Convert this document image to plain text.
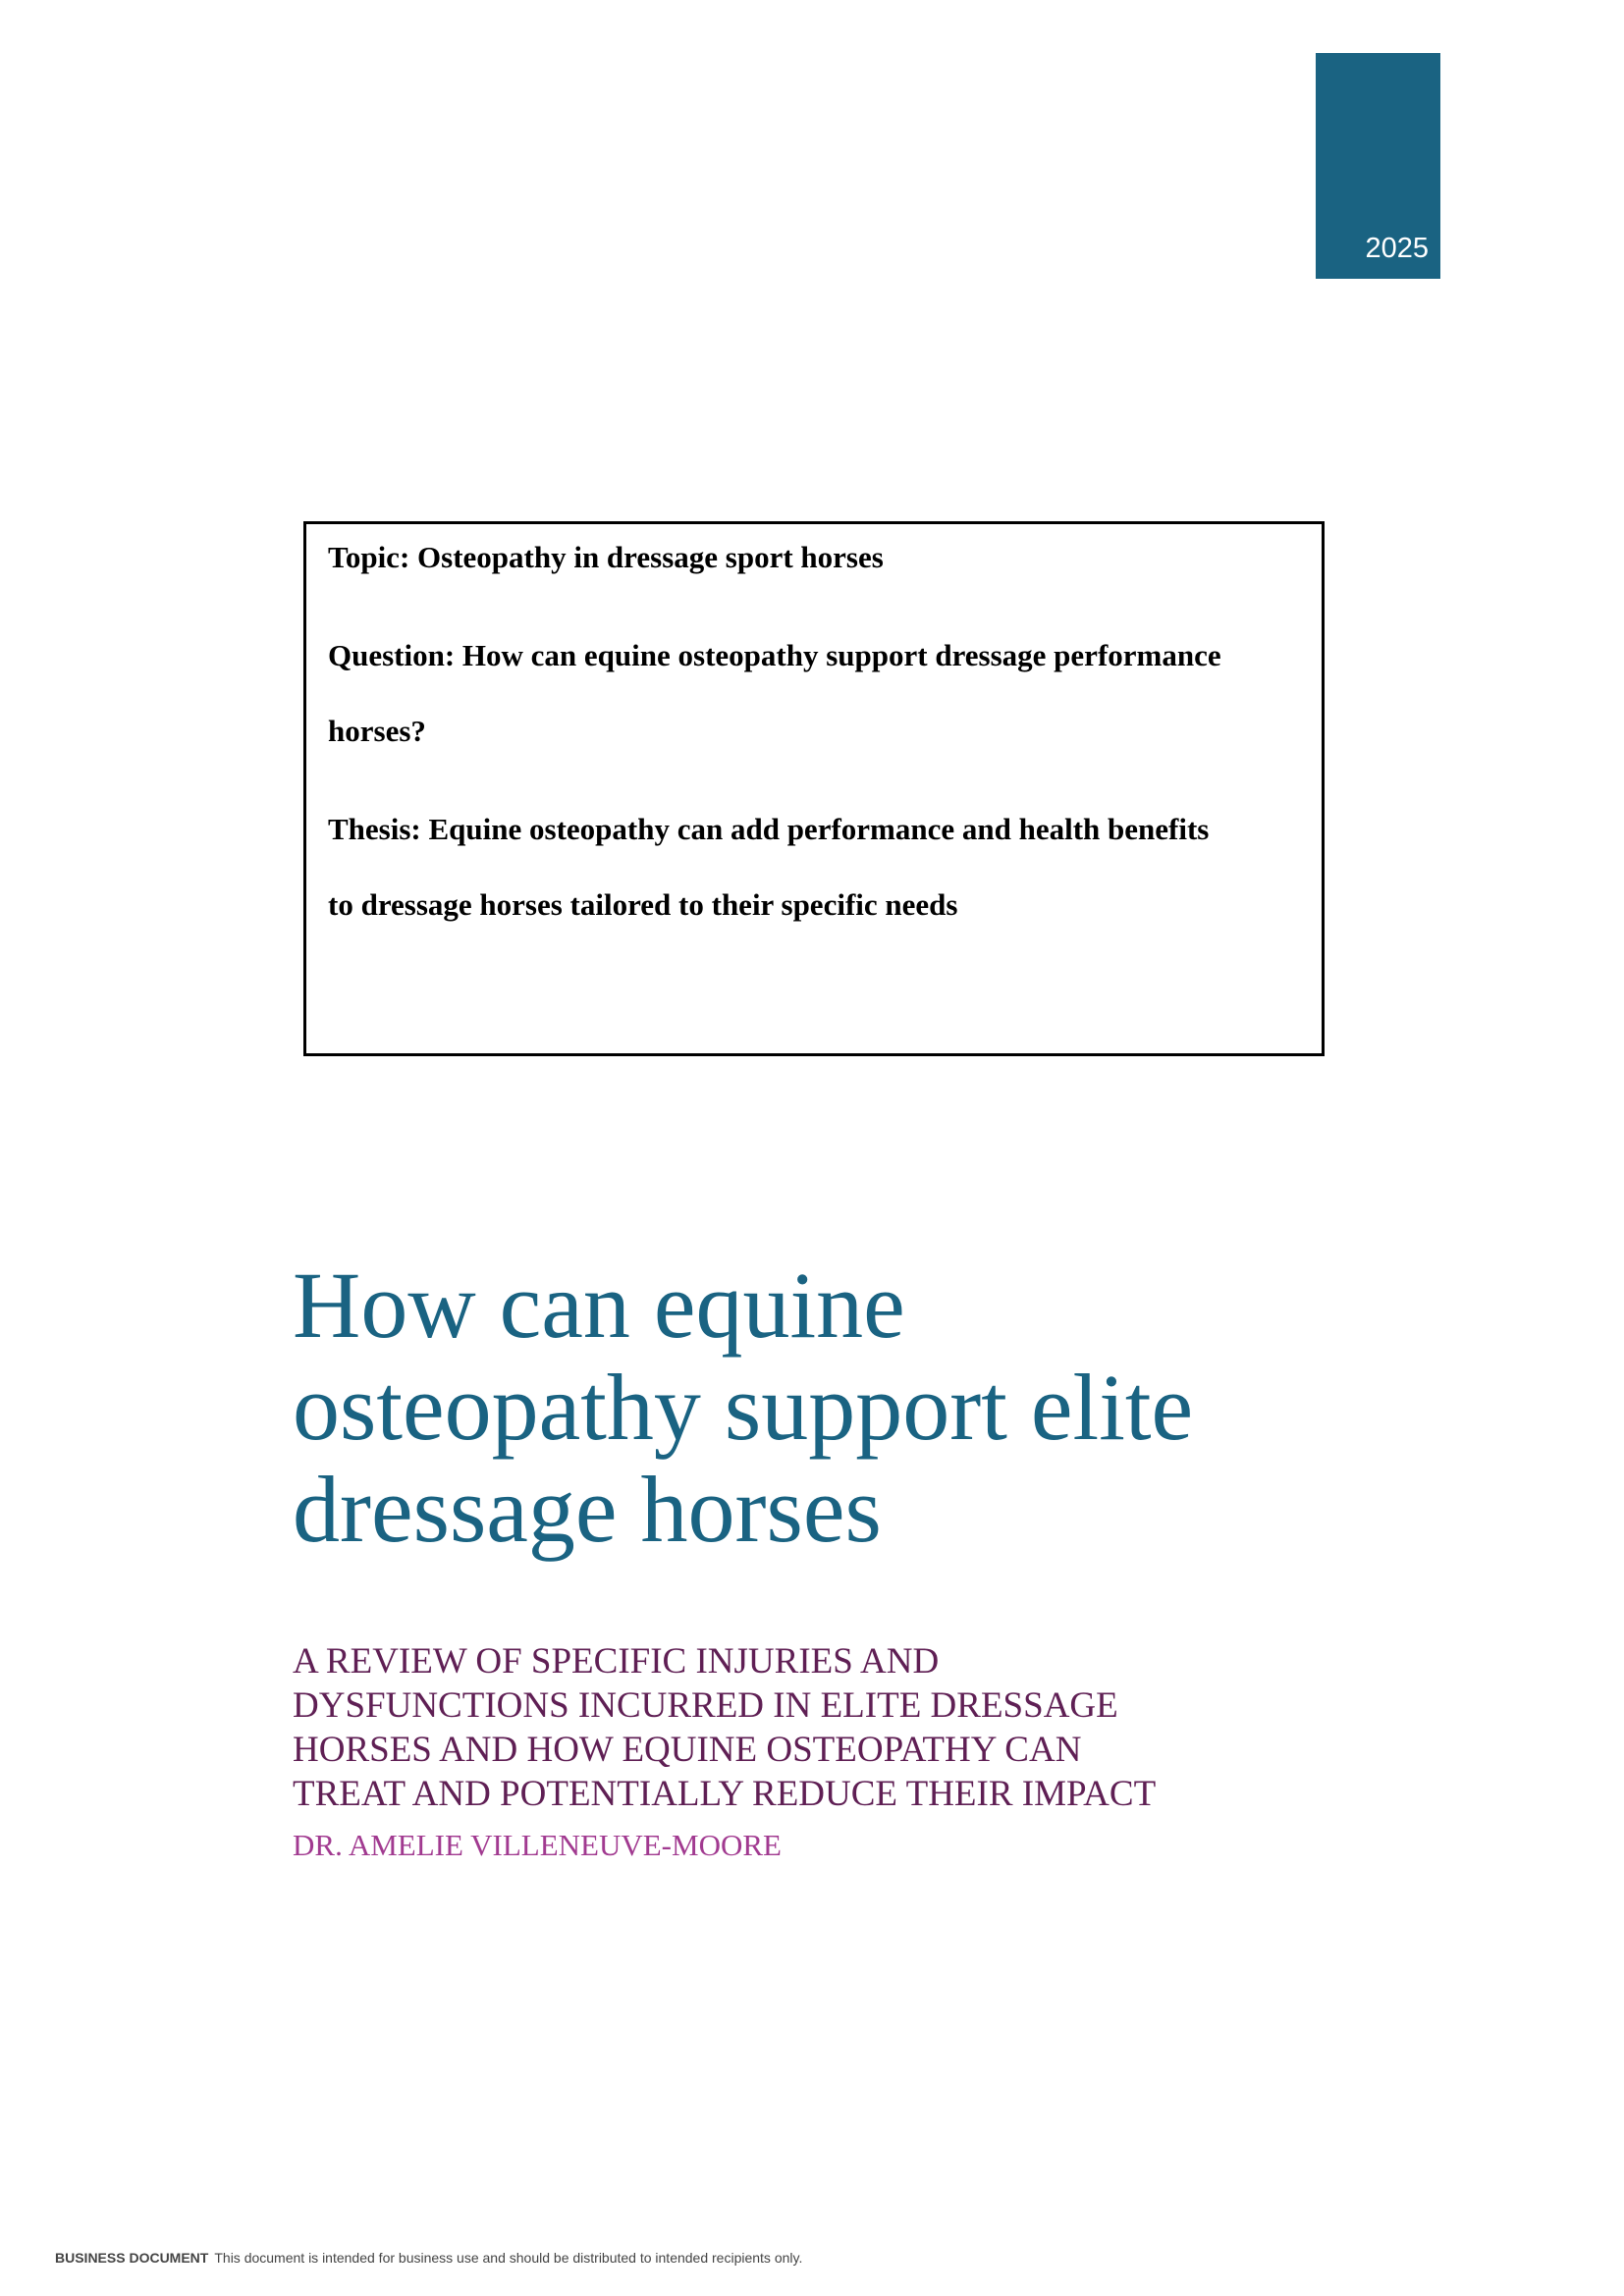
2025

Topic: Osteopathy in dressage sport horses

Question: How can equine osteopathy support dressage performance

horses?

Thesis: Equine osteopathy can add performance and health benefits

to dressage horses tailored to their specific needs

How can equine
osteopathy support elite
dressage horses
A REVIEW OF SPECIFIC INJURIES AND
DYSFUNCTIONS INCURRED IN ELITE DRESSAGE
HORSES AND HOW EQUINE OSTEOPATHY CAN
TREAT AND POTENTIALLY REDUCE THEIR IMPACT

DR. AMELIE VILLENEUVE-MOORE

BUSINESS DOCUMENT This document is intended for business use and should be distributed to intended recipients only.
